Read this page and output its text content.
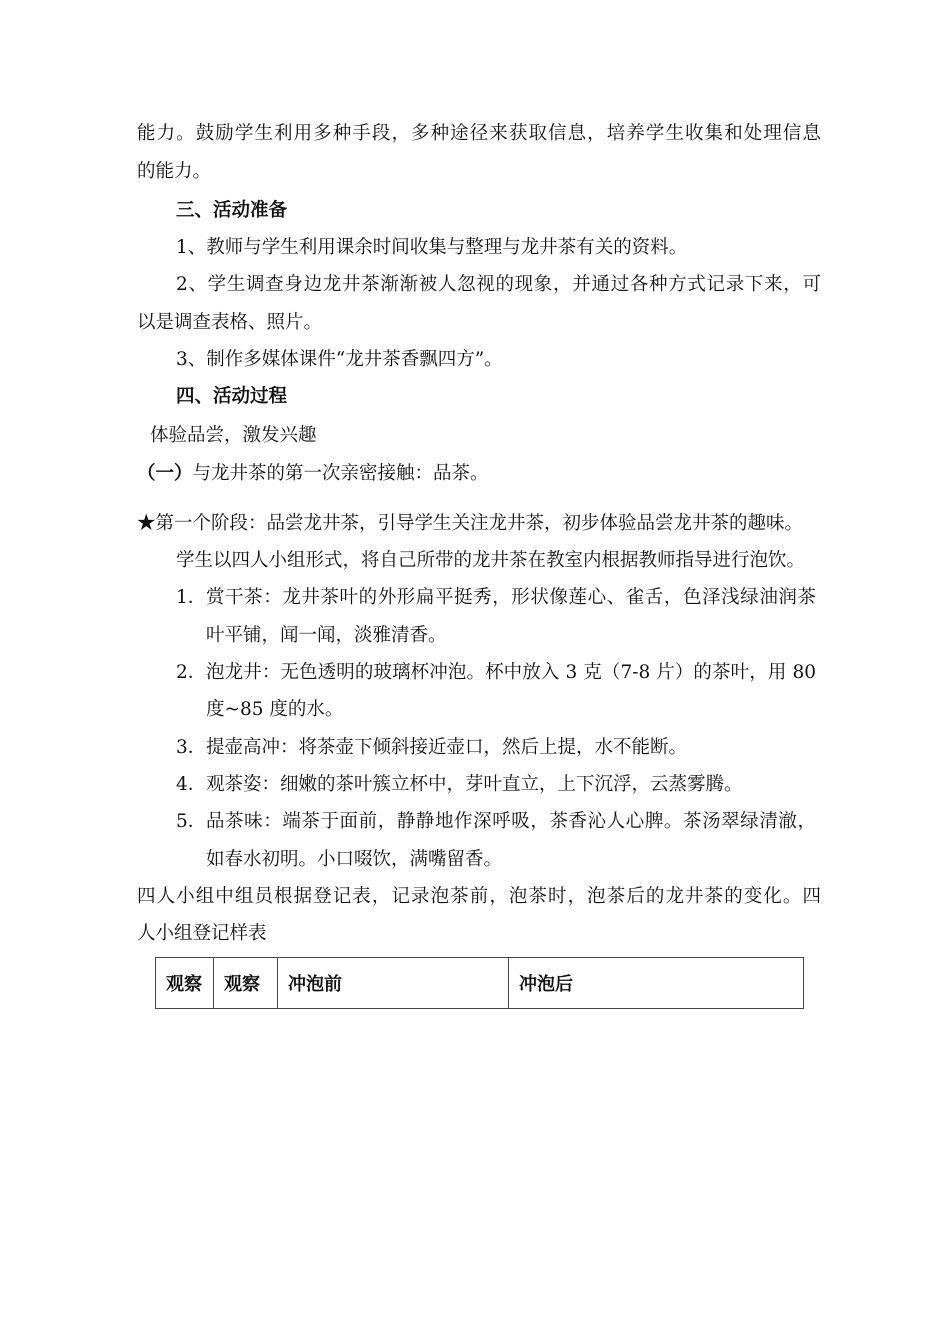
能力。鼓励学生利用多种手段，多种途径来获取信息，培养学生收集和处理信息
的能力。
三、活动准备
1、教师与学生利用课余时间收集与整理与龙井茶有关的资料。
2、学生调查身边龙井茶渐渐被人忽视的现象，并通过各种方式记录下来，可
以是调查表格、照片。
3、制作多媒体课件“龙井茶香飘四方”。
四、活动过程
体验品尝，激发兴趣
（一）与龙井茶的第一次亲密接触：品茶。
★第一个阶段：品尝龙井茶，引导学生关注龙井茶，初步体验品尝龙井茶的趣味。
学生以四人小组形式，将自己所带的龙井茶在教室内根据教师指导进行泡饮。
1． 赏干茶：龙井茶叶的外形扁平挺秀，形状像莲心、雀舌，色泽浅绿油润茶
叶平铺，闻一闻，淡雅清香。
2． 泡龙井：无色透明的玻璃杯冲泡。杯中放入 3 克（7-8 片）的茶叶，用 80
度~85 度的水。
3． 提壶高冲：将茶壶下倾斜接近壶口，然后上提，水不能断。
4． 观茶姿：细嫩的茶叶簇立杯中，芽叶直立，上下沉浮，云蒸雾腾。
5． 品茶味：端茶于面前，静静地作深呼吸，茶香沁人心脾。茶汤翠绿清澈，
如春水初明。小口啜饮，满嘴留香。
四人小组中组员根据登记表，记录泡茶前，泡茶时，泡茶后的龙井茶的变化。四
人小组登记样表
观察	观察	冲泡前	冲泡后
